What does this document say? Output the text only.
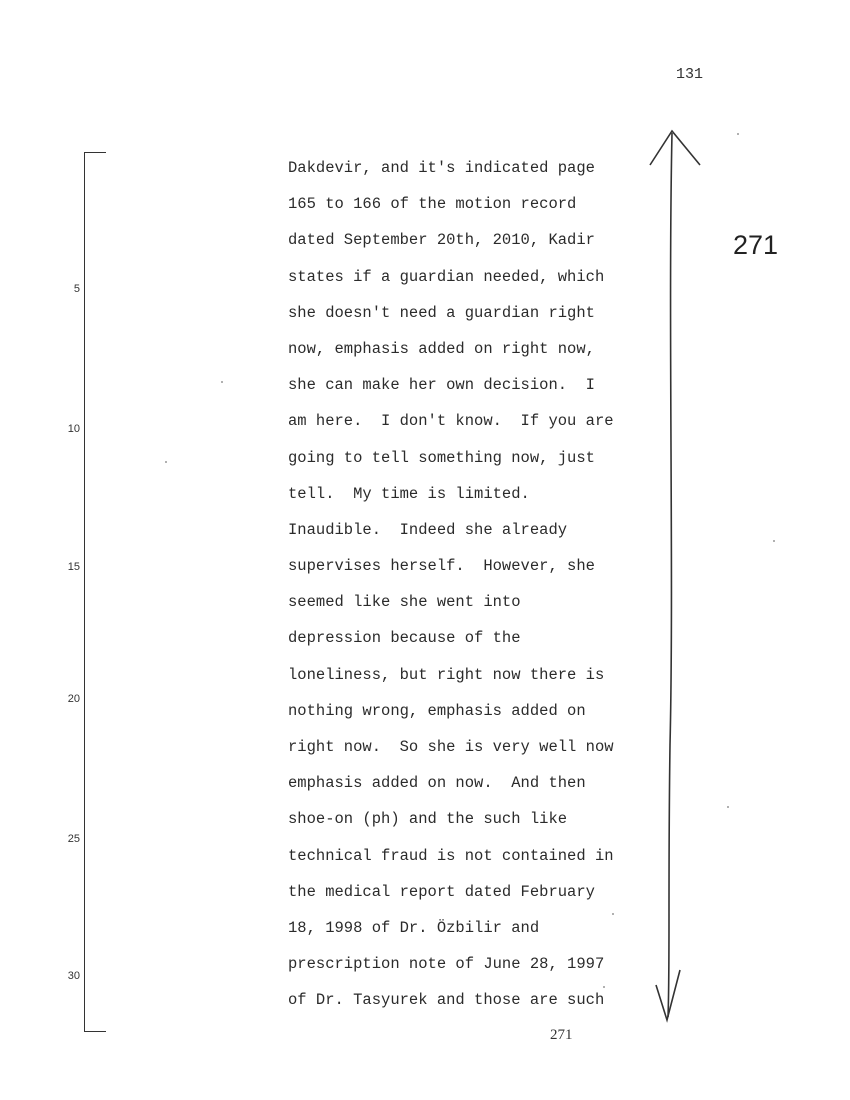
131
271
5
10
15
20
25
30
Dakdevir, and it's indicated page
165 to 166 of the motion record
dated September 20th, 2010, Kadir
states if a guardian needed, which
she doesn't need a guardian right
now, emphasis added on right now,
she can make her own decision.  I
am here.  I don't know.  If you are
going to tell something now, just
tell.  My time is limited.
Inaudible.  Indeed she already
supervises herself.  However, she
seemed like she went into
depression because of the
loneliness, but right now there is
nothing wrong, emphasis added on
right now.  So she is very well now
emphasis added on now.  And then
shoe-on (ph) and the such like
technical fraud is not contained in
the medical report dated February
18, 1998 of Dr. Özbilir and
prescription note of June 28, 1997
of Dr. Tasyurek and those are such
271
